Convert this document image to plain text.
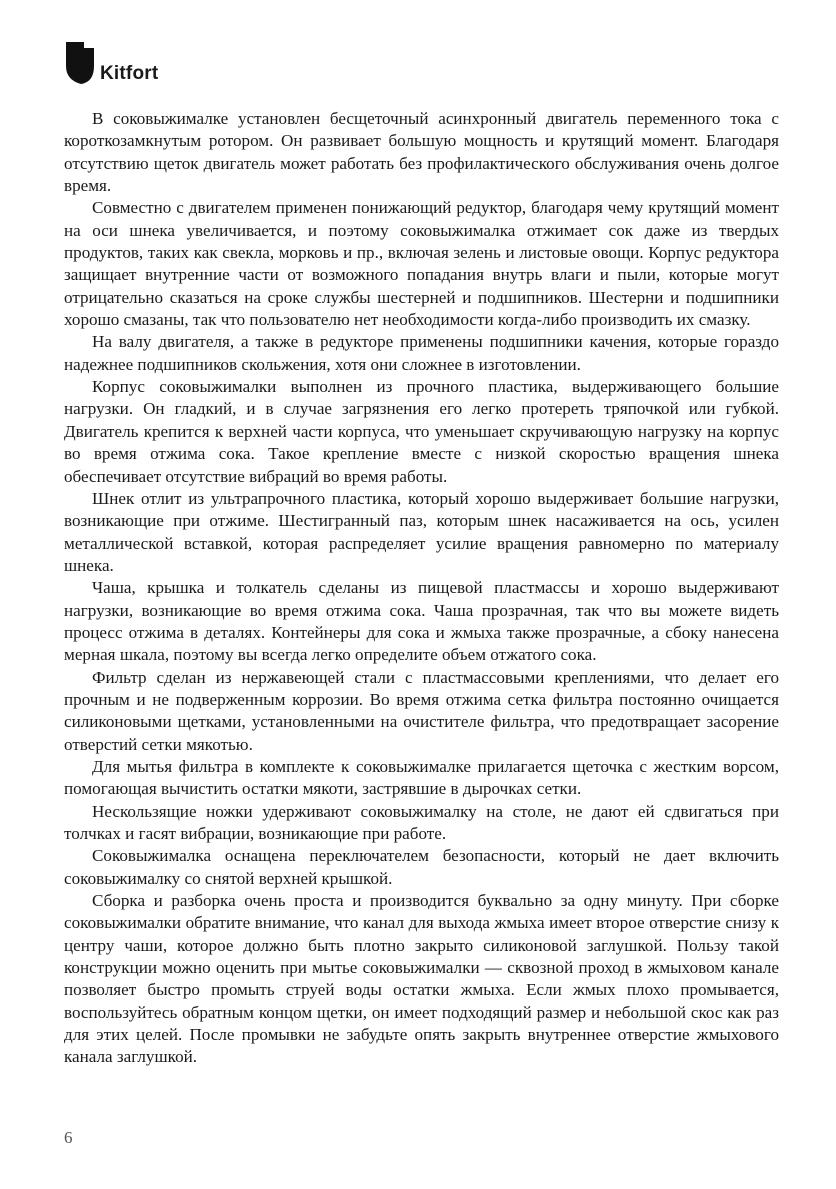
Kitfort

В соковыжималке установлен бесщеточный асинхронный двигатель переменного тока с короткозамкнутым ротором. Он развивает большую мощность и крутящий момент. Благодаря отсутствию щеток двигатель может работать без профилактического обслуживания очень долгое время.

Совместно с двигателем применен понижающий редуктор, благодаря чему крутящий момент на оси шнека увеличивается, и поэтому соковыжималка отжимает сок даже из твердых продуктов, таких как свекла, морковь и пр., включая зелень и листовые овощи. Корпус редуктора защищает внутренние части от возможного попадания внутрь влаги и пыли, которые могут отрицательно сказаться на сроке службы шестерней и подшипников. Шестерни и подшипники хорошо смазаны, так что пользователю нет необходимости когда-либо производить их смазку.

На валу двигателя, а также в редукторе применены подшипники качения, которые гораздо надежнее подшипников скольжения, хотя они сложнее в изготовлении.

Корпус соковыжималки выполнен из прочного пластика, выдерживающего большие нагрузки. Он гладкий, и в случае загрязнения его легко протереть тряпочкой или губкой. Двигатель крепится к верхней части корпуса, что уменьшает скручивающую нагрузку на корпус во время отжима сока. Такое крепление вместе с низкой скоростью вращения шнека обеспечивает отсутствие вибраций во время работы.

Шнек отлит из ультрапрочного пластика, который хорошо выдерживает большие нагрузки, возникающие при отжиме. Шестигранный паз, которым шнек насаживается на ось, усилен металлической вставкой, которая распределяет усилие вращения равномерно по материалу шнека.

Чаша, крышка и толкатель сделаны из пищевой пластмассы и хорошо выдерживают нагрузки, возникающие во время отжима сока. Чаша прозрачная, так что вы можете видеть процесс отжима в деталях. Контейнеры для сока и жмыха также прозрачные, а сбоку нанесена мерная шкала, поэтому вы всегда легко определите объем отжатого сока.

Фильтр сделан из нержавеющей стали с пластмассовыми креплениями, что делает его прочным и не подверженным коррозии. Во время отжима сетка фильтра постоянно очищается силиконовыми щетками, установленными на очистителе фильтра, что предотвращает засорение отверстий сетки мякотью.

Для мытья фильтра в комплекте к соковыжималке прилагается щеточка с жестким ворсом, помогающая вычистить остатки мякоти, застрявшие в дырочках сетки.

Нескользящие ножки удерживают соковыжималку на столе, не дают ей сдвигаться при толчках и гасят вибрации, возникающие при работе.

Соковыжималка оснащена переключателем безопасности, который не дает включить соковыжималку со снятой верхней крышкой.

Сборка и разборка очень проста и производится буквально за одну минуту. При сборке соковыжималки обратите внимание, что канал для выхода жмыха имеет второе отверстие снизу к центру чаши, которое должно быть плотно закрыто силиконовой заглушкой. Пользу такой конструкции можно оценить при мытье соковыжималки — сквозной проход в жмыховом канале позволяет быстро промыть струей воды остатки жмыха. Если жмых плохо промывается, воспользуйтесь обратным концом щетки, он имеет подходящий размер и небольшой скос как раз для этих целей. После промывки не забудьте опять закрыть внутреннее отверстие жмыхового канала заглушкой.

6
